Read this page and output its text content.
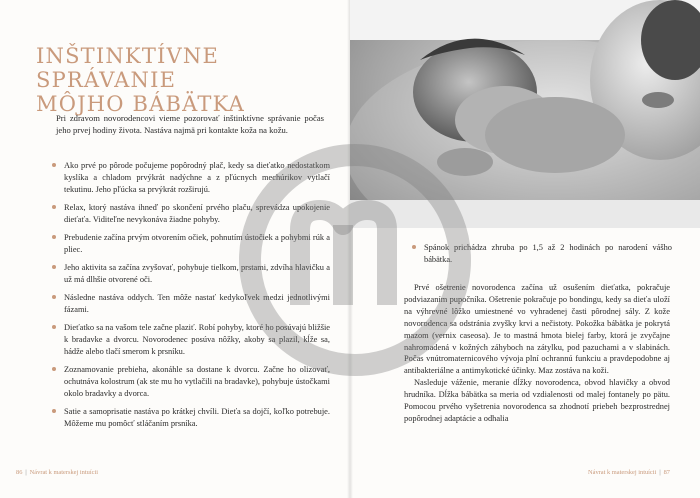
INŠTINKTÍVNE SPRÁVANIE
MÔJHO BÁBÄTKA

Pri zdravom novorodencovi vieme pozorovať inštinktívne správanie počas jeho prvej hodiny života. Nastáva najmä pri kontakte koža na kožu.

Ako prvé po pôrode počujeme popôrodný plač, kedy sa dieťatko nedostatkom kyslíka a chladom prvýkrát nadýchne a z pľúcnych mechúrikov vytlačí tekutinu. Jeho pľúcka sa prvýkrát rozširujú.
Relax, ktorý nastáva ihneď po skončení prvého plaču, sprevádza upokojenie dieťaťa. Viditeľne nevykonáva žiadne pohyby.
Prebudenie začína prvým otvorením očiek, pohnutím ústočiek a pohybmi rúk a pliec.
Jeho aktivita sa začína zvyšovať, pohybuje tielkom, prstami, zdvíha hlavičku a už má dlhšie otvorené oči.
Následne nastáva oddych. Ten môže nastať kedykoľvek medzi jednotlivými fázami.
Dieťatko sa na vašom tele začne plaziť. Robí pohyby, ktoré ho posúvajú bližšie k bradavke a dvorcu. Novorodenec posúva nôžky, akoby sa plazil, kĺže sa, hádže alebo tlačí smerom k prsníku.
Zoznamovanie prebieha, akonáhle sa dostane k dvorcu. Začne ho olizovať, ochutnáva kolostrum (ak ste mu ho vytlačili na bradavke), pohybuje ústočkami okolo bradavky a dvorca.
Satie a samoprisatie nastáva po krátkej chvíli. Dieťa sa dojčí, koľko potrebuje. Môžeme mu pomôcť stláčaním prsníka.
86 | Návrat k materskej intuícii
Spánok prichádza zhruba po 1,5 až 2 hodinách po narodení vášho bábätka.

Prvé ošetrenie novorodenca začína už osušením dieťatka, pokračuje podviazaním pupočníka. Ošetrenie pokračuje po bondingu, kedy sa dieťa uloží na výhrevné lôžko umiestnené vo vyhradenej časti pôrodnej sály. Z kože novorodenca sa odstránia zvyšky krvi a nečistoty. Pokožka bábätka je pokrytá mazom (vernix caseosa). Je to mastná hmota bielej farby, ktorá je zvyčajne nahromadená v kožných záhyboch na zátylku, pod pazuchami a v slabinách. Počas vnútromaternicového vývoja plní ochrannú funkciu a pravdepodobne aj antibakteriálne a antimykotické účinky. Maz zostáva na koži.

Nasleduje váženie, meranie dĺžky novorodenca, obvod hlavičky a obvod hrudníka. Dĺžka bábätka sa meria od vzdialenosti od malej fontanely po pätu. Pomocou prvého vyšetrenia novorodenca sa zhodnotí priebeh bezprostrednej popôrodnej adaptácie a odhalia

Návrat k materskej intuícii | 87
